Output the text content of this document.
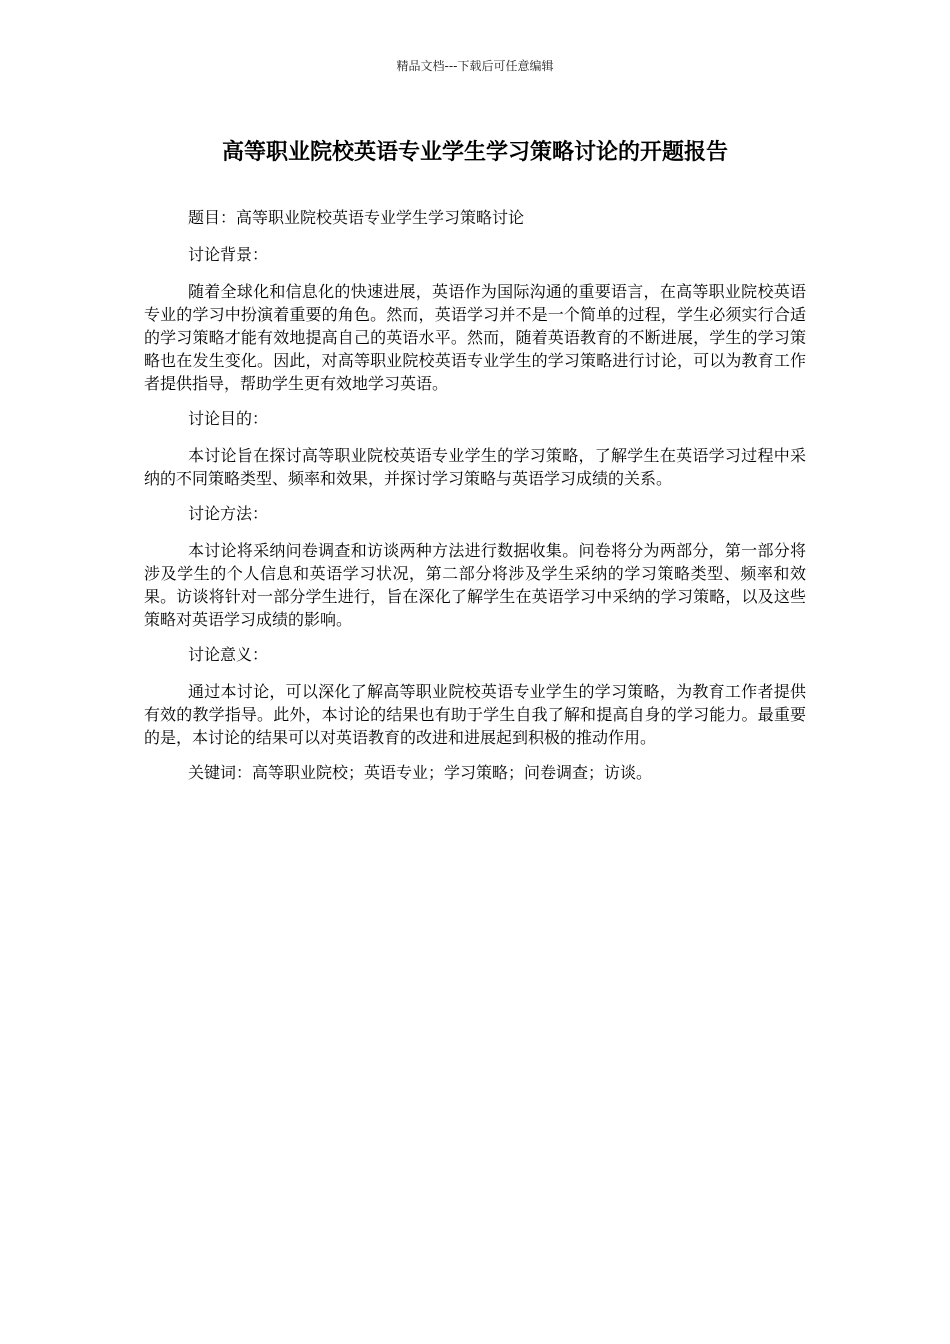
精品文档---下载后可任意编辑
高等职业院校英语专业学生学习策略讨论的开题报告

题目：高等职业院校英语专业学生学习策略讨论

讨论背景：

随着全球化和信息化的快速进展，英语作为国际沟通的重要语言，在高等职业院校英语专业的学习中扮演着重要的角色。然而，英语学习并不是一个简单的过程，学生必须实行合适的学习策略才能有效地提高自己的英语水平。然而，随着英语教育的不断进展，学生的学习策略也在发生变化。因此，对高等职业院校英语专业学生的学习策略进行讨论，可以为教育工作者提供指导，帮助学生更有效地学习英语。

讨论目的：

本讨论旨在探讨高等职业院校英语专业学生的学习策略，了解学生在英语学习过程中采纳的不同策略类型、频率和效果，并探讨学习策略与英语学习成绩的关系。

讨论方法：

本讨论将采纳问卷调查和访谈两种方法进行数据收集。问卷将分为两部分，第一部分将涉及学生的个人信息和英语学习状况，第二部分将涉及学生采纳的学习策略类型、频率和效果。访谈将针对一部分学生进行，旨在深化了解学生在英语学习中采纳的学习策略，以及这些策略对英语学习成绩的影响。

讨论意义：

通过本讨论，可以深化了解高等职业院校英语专业学生的学习策略，为教育工作者提供有效的教学指导。此外，本讨论的结果也有助于学生自我了解和提高自身的学习能力。最重要的是，本讨论的结果可以对英语教育的改进和进展起到积极的推动作用。

关键词：高等职业院校；英语专业；学习策略；问卷调查；访谈。
